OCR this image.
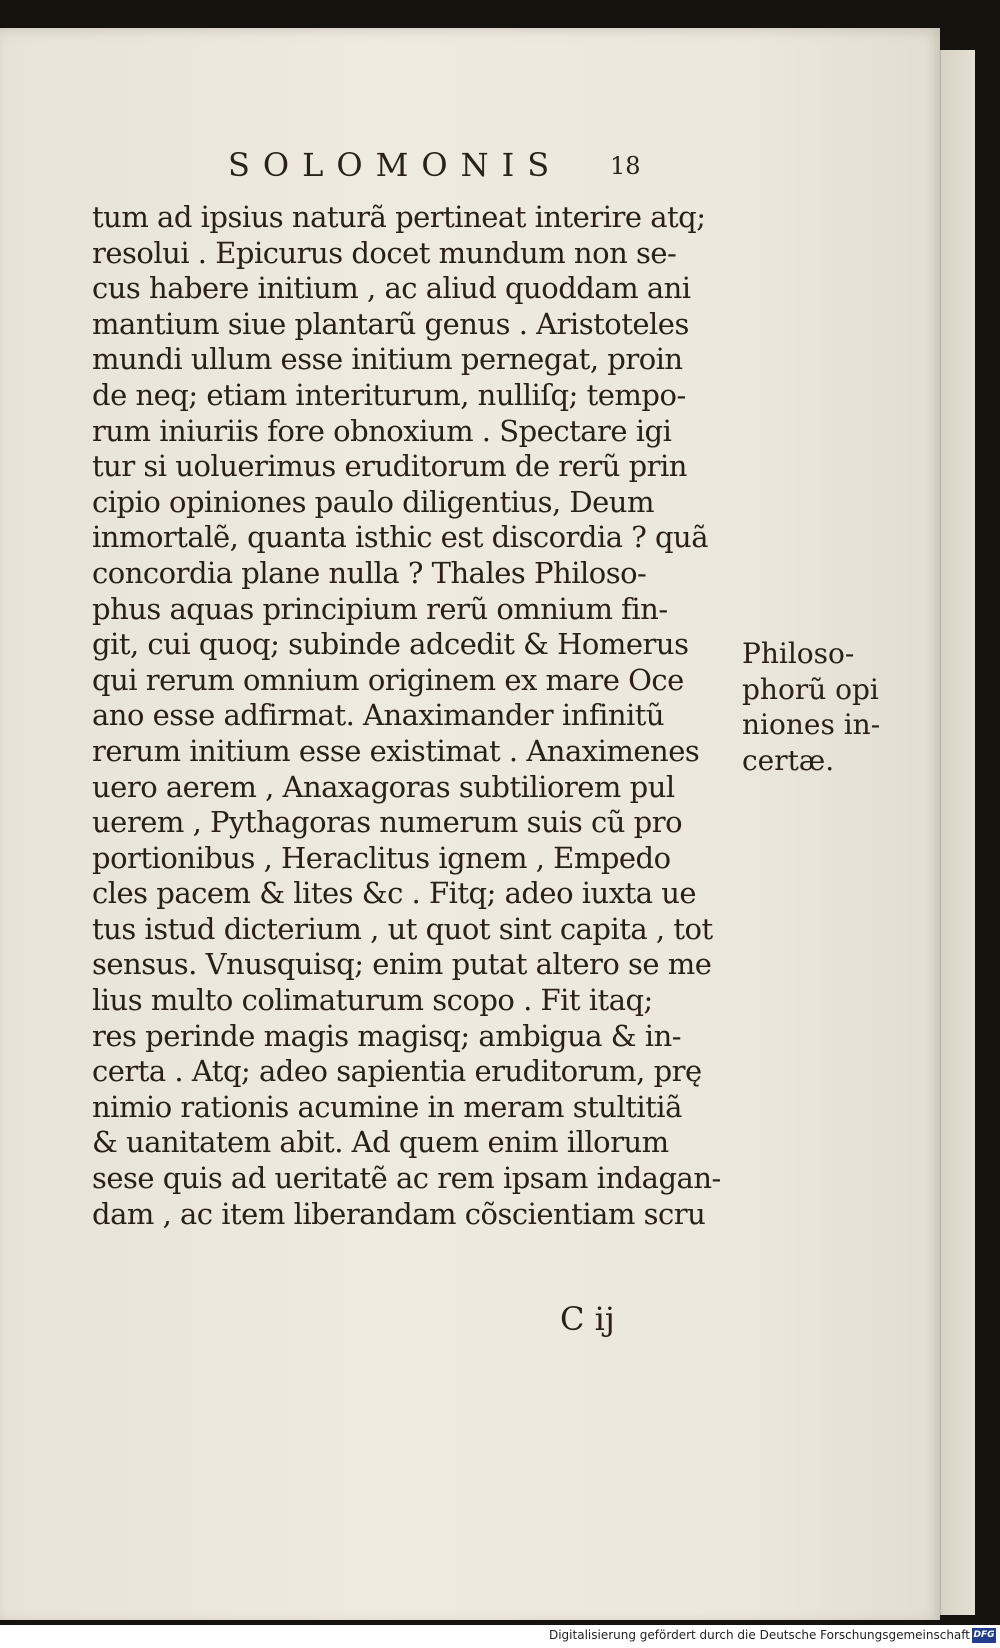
SOLOMONIS 18
tum ad ipsius naturã pertineat interire atq;
resolui . Epicurus docet mundum non se-
cus habere initium , ac aliud quoddam ani
mantium siue plantarũ genus . Aristoteles
mundi ullum esse initium pernegat, proin
de neq; etiam interiturum, nulliſq; tempo-
rum iniuriis fore obnoxium . Spectare igi
tur si uoluerimus eruditorum de rerũ prin
cipio opiniones paulo diligentius, Deum
inmortalẽ, quanta isthic est discordia ? quã
concordia plane nulla ? Thales Philoso-
phus aquas principium rerũ omnium fin-
git, cui quoq; subinde adcedit & Homerus
qui rerum omnium originem ex mare Oce
ano esse adfirmat. Anaximander infinitũ
rerum initium esse existimat . Anaximenes
uero aerem , Anaxagoras subtiliorem pul
uerem , Pythagoras numerum suis cũ pro
portionibus , Heraclitus ignem , Empedo
cles pacem & lites &c . Fitq; adeo iuxta ue
tus istud dicterium , ut quot sint capita , tot
sensus. Vnusquisq; enim putat altero se me
lius multo colimaturum scopo . Fit itaq;
res perinde magis magisq; ambigua & in-
certa . Atq; adeo sapientia eruditorum, prę
nimio rationis acumine in meram stultitiã
& uanitatem abit. Ad quem enim illorum
sese quis ad ueritatẽ ac rem ipsam indagan-
dam , ac item liberandam cõscientiam scru
Philoso-
phorũ opi
niones in-
certæ.
C ij
Digitalisierung gefördert durch die Deutsche Forschungsgemeinschaft DFG
